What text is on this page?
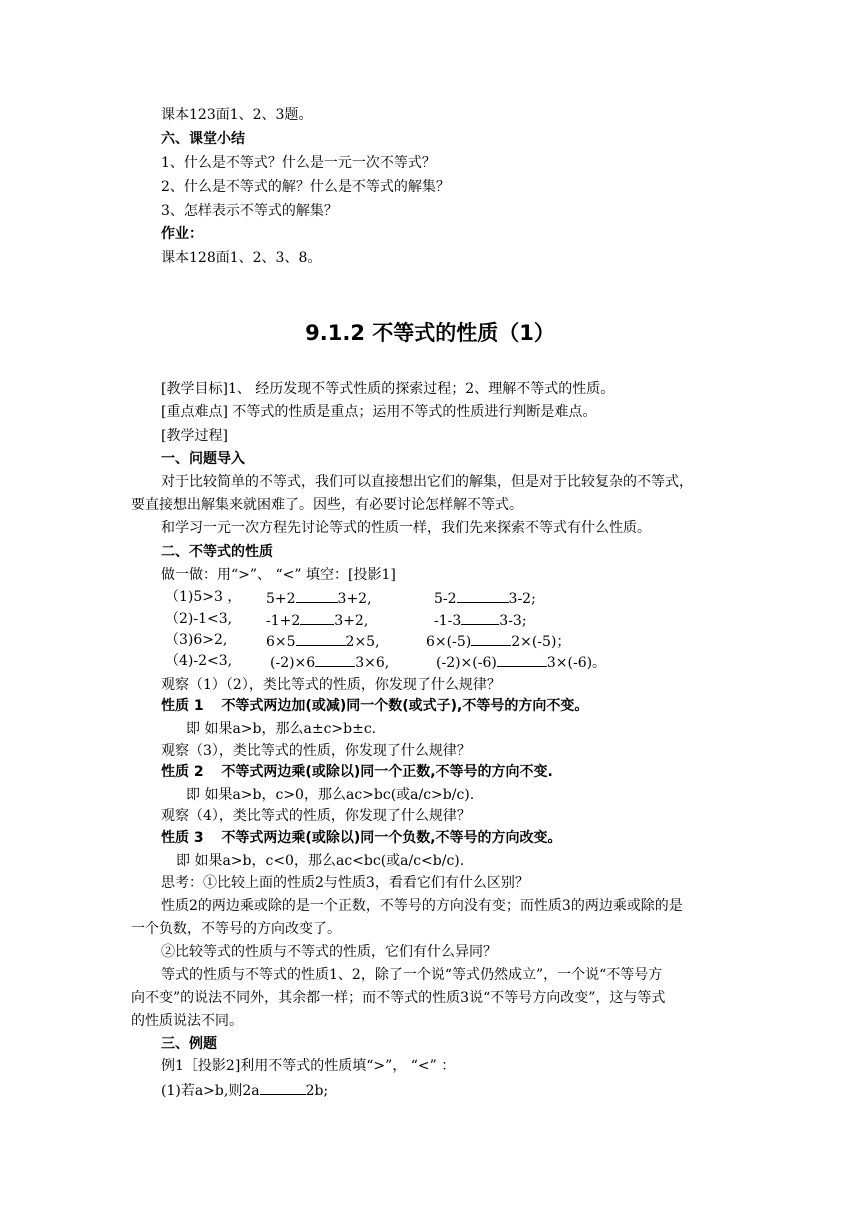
课本123面1、2、3题。
六、课堂小结
1、什么是不等式？什么是一元一次不等式？
2、什么是不等式的解？什么是不等式的解集？
3、怎样表示不等式的解集？
作业：
课本128面1、2、3、8。
9.1.2 不等式的性质（1）
[教学目标]1、 经历发现不等式性质的探索过程；2、理解不等式的性质。
[重点难点] 不等式的性质是重点；运用不等式的性质进行判断是难点。
[教学过程]
一、问题导入
对于比较简单的不等式，我们可以直接想出它们的解集，但是对于比较复杂的不等式，
要直接想出解集来就困难了。因些，有必要讨论怎样解不等式。
和学习一元一次方程先讨论等式的性质一样，我们先来探索不等式有什么性质。
二、不等式的性质
做一做：用“>”、 “<” 填空：[投影1]
（1)5>3 ， 5+2	3+2,	5-2	3-2;
（2)-1<3, -1+2 3+2,	-1-3	3-3;
（3)6>2,	6×5	2×5,	6×(-5)	2×(-5)；
（4)-2<3,	(-2)×6	3×6,	(-2)×(-6)	3×(-6)。
观察（1）（2），类比等式的性质，你发现了什么规律？
性质 1 不等式两边加(或减)同一个数(或式子),不等号的方向不变。
即 如果a>b，那么a±c>b±c.
观察（3），类比等式的性质，你发现了什么规律？
性质 2 不等式两边乘(或除以)同一个正数,不等号的方向不变.
即 如果a>b，c>0，那么ac>bc(或a/c>b/c).
观察（4），类比等式的性质，你发现了什么规律？
性质 3 不等式两边乘(或除以)同一个负数,不等号的方向改变。
即 如果a>b，c<0，那么ac<bc(或a/c<b/c).
思考：①比较上面的性质2与性质3，看看它们有什么区别？
性质2的两边乘或除的是一个正数，不等号的方向没有变；而性质3的两边乘或除的是
一个负数，不等号的方向改变了。
②比较等式的性质与不等式的性质，它们有什么异同？
等式的性质与不等式的性质1、2，除了一个说“等式仍然成立”，一个说“不等号方
向不变”的说法不同外，其余都一样；而不等式的性质3说“不等号方向改变”，这与等式
的性质说法不同。
三、例题
例1［投影2]利用不等式的性质填“>”， “<” ：
(1)若a>b,则2a	2b;
